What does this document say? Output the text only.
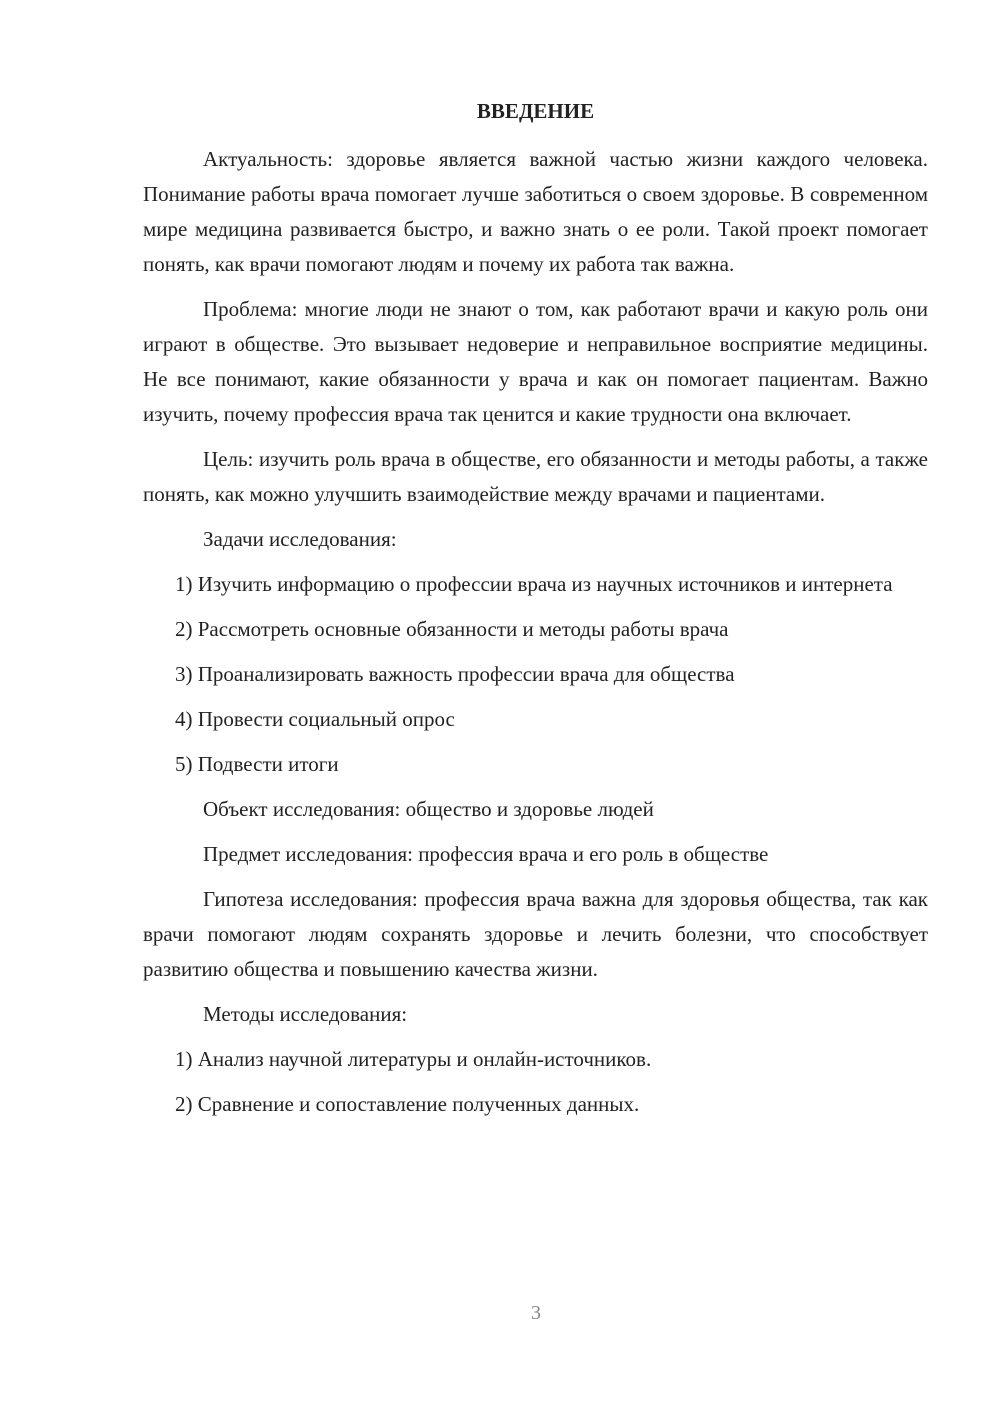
ВВЕДЕНИЕ

Актуальность: здоровье является важной частью жизни каждого человека. Понимание работы врача помогает лучше заботиться о своем здоровье. В современном мире медицина развивается быстро, и важно знать о ее роли. Такой проект помогает понять, как врачи помогают людям и почему их работа так важна.

Проблема: многие люди не знают о том, как работают врачи и какую роль они играют в обществе. Это вызывает недоверие и неправильное восприятие медицины. Не все понимают, какие обязанности у врача и как он помогает пациентам. Важно изучить, почему профессия врача так ценится и какие трудности она включает.

Цель: изучить роль врача в обществе, его обязанности и методы работы, а также понять, как можно улучшить взаимодействие между врачами и пациентами.

Задачи исследования:

1) Изучить информацию о профессии врача из научных источников и интернета

2) Рассмотреть основные обязанности и методы работы врача

3) Проанализировать важность профессии врача для общества

4) Провести социальный опрос

5) Подвести итоги

Объект исследования: общество и здоровье людей

Предмет исследования: профессия врача и его роль в обществе

Гипотеза исследования: профессия врача важна для здоровья общества, так как врачи помогают людям сохранять здоровье и лечить болезни, что способствует развитию общества и повышению качества жизни.

Методы исследования:

1) Анализ научной литературы и онлайн-источников.

2) Сравнение и сопоставление полученных данных.

3
